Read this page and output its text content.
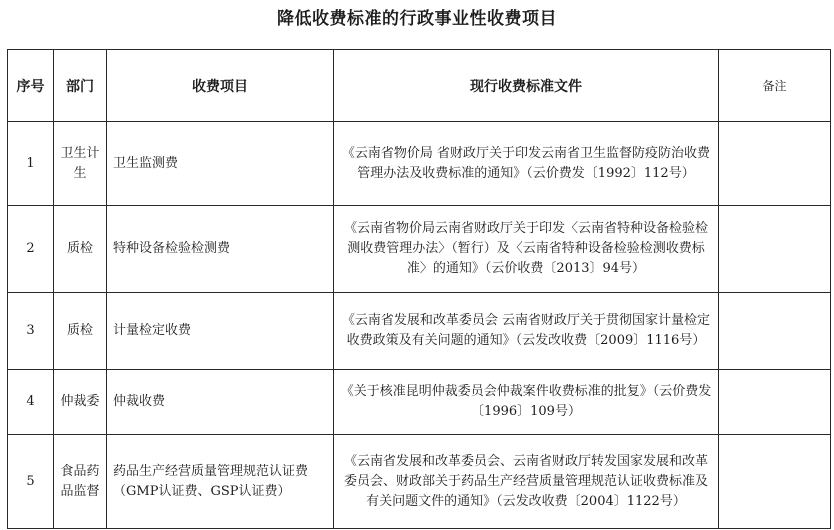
降低收费标准的行政事业性收费项目
序号	部门	收费项目	现行收费标准文件	备注
1	卫生计生	卫生监测费	《云南省物价局 省财政厅关于印发云南省卫生监督防疫防治收费管理办法及收费标准的通知》（云价费发〔1992〕112号）	
2	质检	特种设备检验检测费	《云南省物价局云南省财政厅关于印发〈云南省特种设备检验检测收费管理办法〉（暂行）及〈云南省特种设备检验检测收费标准〉的通知》（云价收费〔2013〕94号）	
3	质检	计量检定收费	《云南省发展和改革委员会 云南省财政厅关于贯彻国家计量检定收费政策及有关问题的通知》（云发改收费〔2009〕1116号）	
4	仲裁委	仲裁收费	《关于核准昆明仲裁委员会仲裁案件收费标准的批复》（云价费发〔1996〕109号）	
5	食品药品监督	药品生产经营质量管理规范认证费（GMP认证费、GSP认证费）	《云南省发展和改革委员会、云南省财政厅转发国家发展和改革委员会、财政部关于药品生产经营质量管理规范认证收费标准及有关问题文件的通知》（云发改收费〔2004〕1122号）	
